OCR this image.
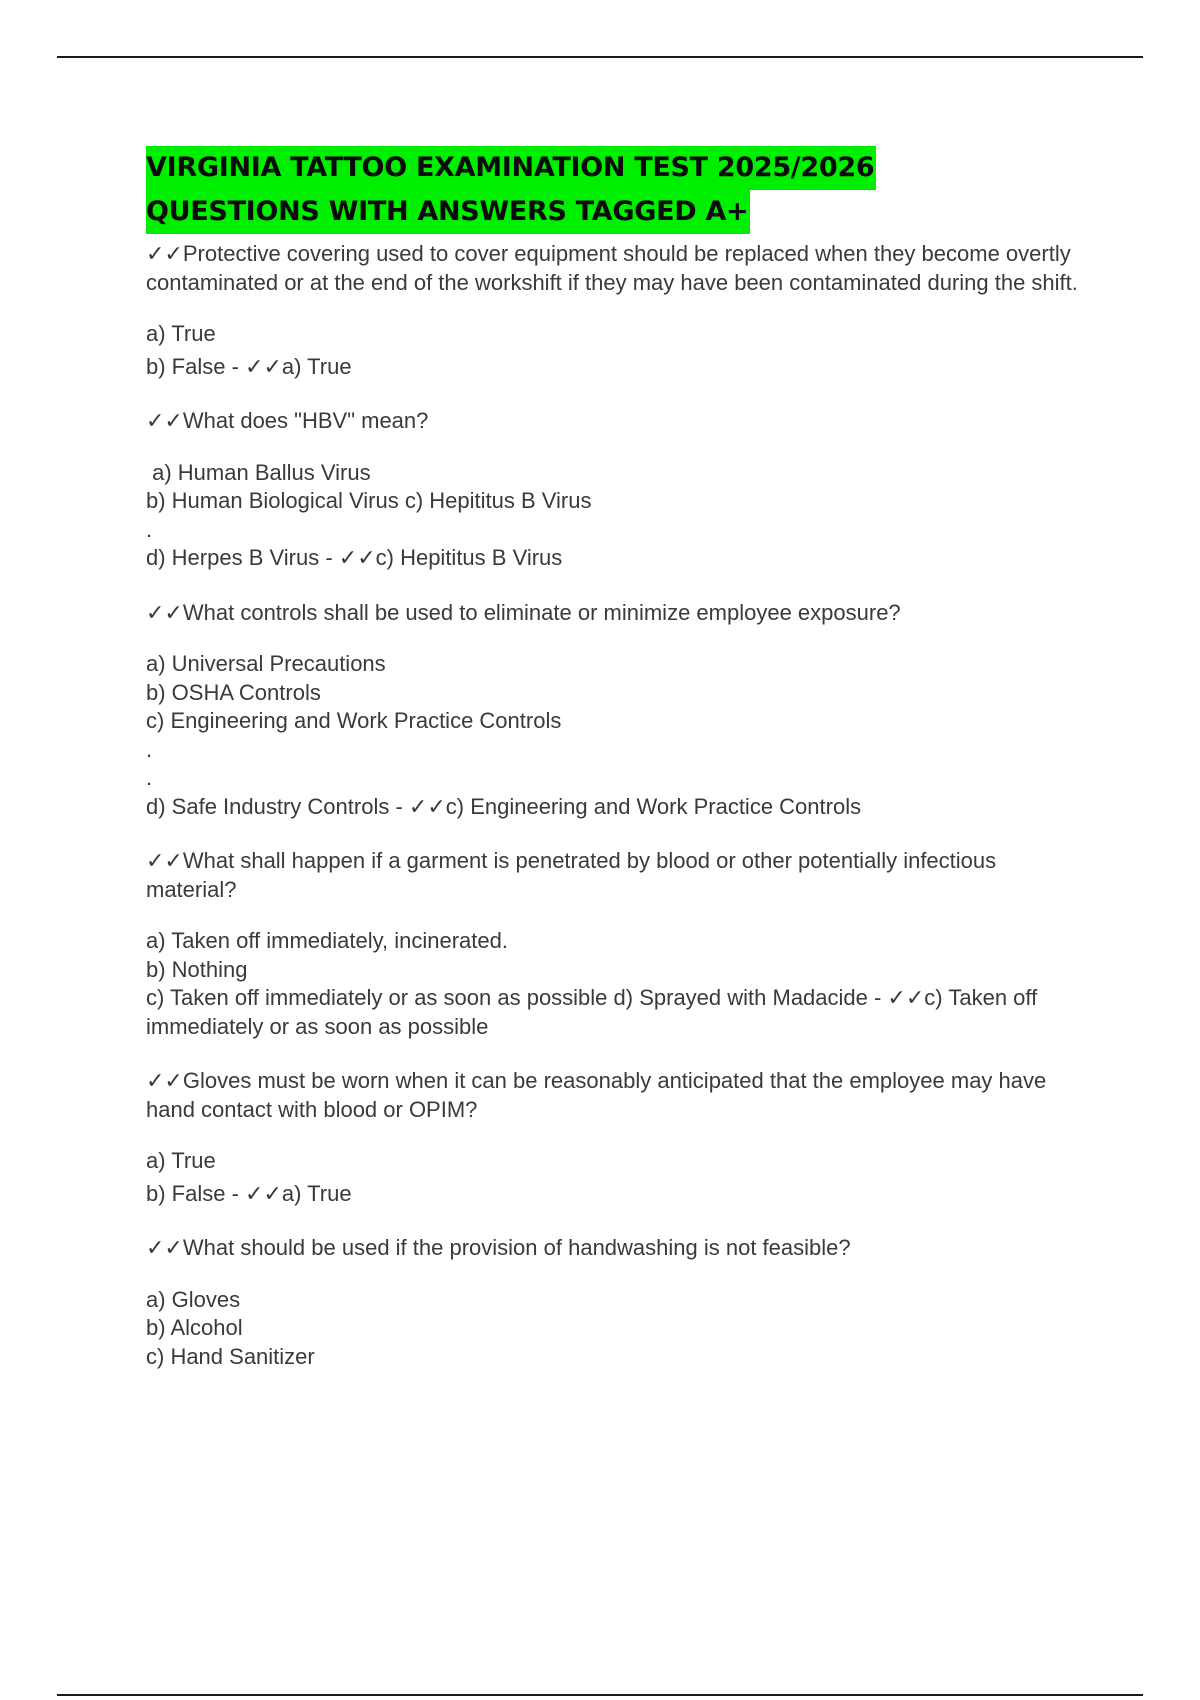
VIRGINIA TATTOO EXAMINATION TEST 2025/2026
QUESTIONS WITH ANSWERS TAGGED A+
✓✓Protective covering used to cover equipment should be replaced when they become overtly contaminated or at the end of the workshift if they may have been contaminated during the shift.
a) True
b) False - ✓✓a) True
✓✓What does "HBV" mean?
a) Human Ballus Virus
b) Human Biological Virus c) Hepititus B Virus
.
d) Herpes B Virus - ✓✓c) Hepititus B Virus
✓✓What controls shall be used to eliminate or minimize employee exposure?
a) Universal Precautions
b) OSHA Controls
c) Engineering and Work Practice Controls
.
.
d) Safe Industry Controls - ✓✓c) Engineering and Work Practice Controls
✓✓What shall happen if a garment is penetrated by blood or other potentially infectious material?
a) Taken off immediately, incinerated.
b) Nothing
c) Taken off immediately or as soon as possible d) Sprayed with Madacide - ✓✓c) Taken off immediately or as soon as possible
✓✓Gloves must be worn when it can be reasonably anticipated that the employee may have hand contact with blood or OPIM?
a) True
b) False - ✓✓a) True
✓✓What should be used if the provision of handwashing is not feasible?
a) Gloves
b) Alcohol
c) Hand Sanitizer
